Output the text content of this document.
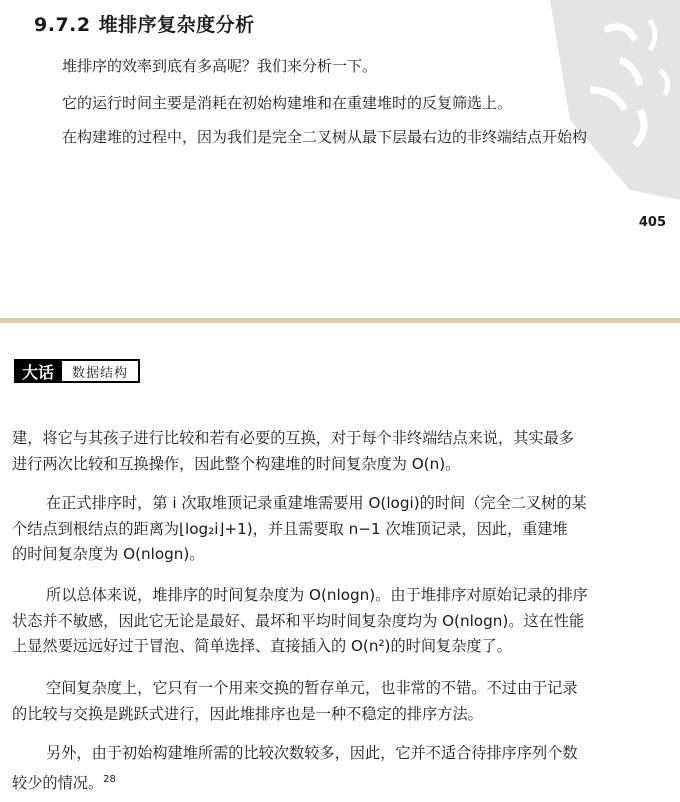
9.7.2 堆排序复杂度分析
堆排序的效率到底有多高呢？我们来分析一下。
它的运行时间主要是消耗在初始构建堆和在重建堆时的反复筛选上。
在构建堆的过程中，因为我们是完全二叉树从最下层最右边的非终端结点开始构
405
大话	数据结构
建，将它与其孩子进行比较和若有必要的互换，对于每个非终端结点来说，其实最多
进行两次比较和互换操作，因此整个构建堆的时间复杂度为 O(n)。
在正式排序时，第 i 次取堆顶记录重建堆需要用 O(logi)的时间（完全二叉树的某
个结点到根结点的距离为⌊log₂i⌋+1)，并且需要取 n−1 次堆顶记录，因此，重建堆
的时间复杂度为 O(nlogn)。
所以总体来说，堆排序的时间复杂度为 O(nlogn)。由于堆排序对原始记录的排序
状态并不敏感，因此它无论是最好、最坏和平均时间复杂度均为 O(nlogn)。这在性能
上显然要远远好过于冒泡、简单选择、直接插入的 O(n²)的时间复杂度了。
空间复杂度上，它只有一个用来交换的暂存单元，也非常的不错。不过由于记录
的比较与交换是跳跃式进行，因此堆排序也是一种不稳定的排序方法。
另外，由于初始构建堆所需的比较次数较多，因此，它并不适合待排序序列个数
较少的情况。$^{28}$
